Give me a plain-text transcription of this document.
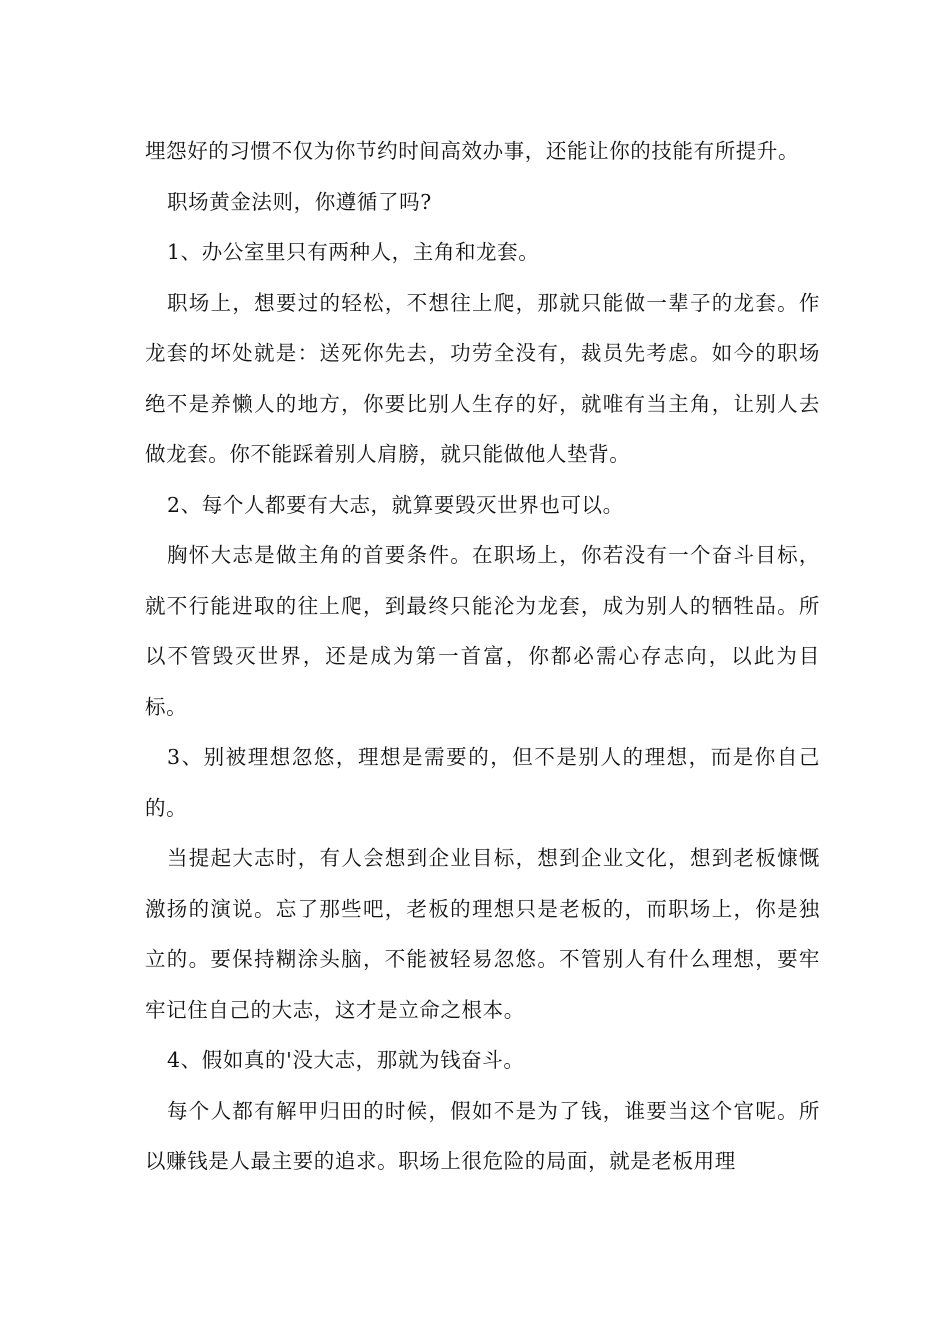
埋怨好的习惯不仅为你节约时间高效办事，还能让你的技能有所提升。

职场黄金法则，你遵循了吗?

1、办公室里只有两种人，主角和龙套。

职场上，想要过的轻松，不想往上爬，那就只能做一辈子的龙套。作龙套的坏处就是：送死你先去，功劳全没有，裁员先考虑。如今的职场绝不是养懒人的地方，你要比别人生存的好，就唯有当主角，让别人去做龙套。你不能踩着别人肩膀，就只能做他人垫背。

2、每个人都要有大志，就算要毁灭世界也可以。

胸怀大志是做主角的首要条件。在职场上，你若没有一个奋斗目标，就不行能进取的往上爬，到最终只能沦为龙套，成为别人的牺牲品。所以不管毁灭世界，还是成为第一首富，你都必需心存志向，以此为目标。

3、别被理想忽悠，理想是需要的，但不是别人的理想，而是你自己的。

当提起大志时，有人会想到企业目标，想到企业文化，想到老板慷慨激扬的演说。忘了那些吧，老板的理想只是老板的，而职场上，你是独立的。要保持糊涂头脑，不能被轻易忽悠。不管别人有什么理想，要牢牢记住自己的大志，这才是立命之根本。

4、假如真的'没大志，那就为钱奋斗。

每个人都有解甲归田的时候，假如不是为了钱，谁要当这个官呢。所以赚钱是人最主要的追求。职场上很危险的局面，就是老板用理
